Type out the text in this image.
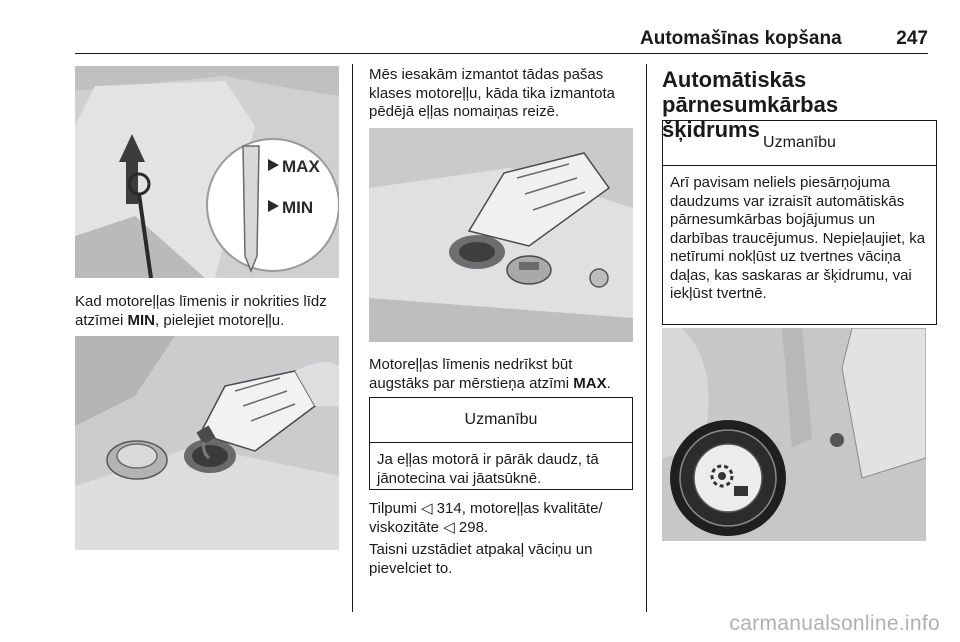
Automašīnas kopšana	247
MAX
MIN
Kad motoreļļas līmenis ir nokrities līdz atzīmei MIN, pielejiet motoreļļu.
Mēs iesakām izmantot tādas pašas klases motoreļļu, kāda tika izmantota pēdējā eļļas nomaiņas reizē.
Motoreļļas līmenis nedrīkst būt augstāks par mērstieņa atzīmi MAX.
Uzmanību
Ja eļļas motorā ir pārāk daudz, tā jānotecina vai jāatsūknē.
Tilpumi ◁ 314, motoreļļas kvalitāte/ viskozitāte ◁ 298.
Taisni uzstādiet atpakaļ vāciņu un pievelciet to.
Automātiskās pārnesumkārbas šķidrums
Uzmanību
Arī pavisam neliels piesārņojuma daudzums var izraisīt automātiskās pārnesumkārbas bojājumus un darbības traucējumus. Nepieļaujiet, ka netīrumi nokļūst uz tvertnes vāciņa daļas, kas saskaras ar šķidrumu, vai iekļūst tvertnē.
carmanualsonline.info
